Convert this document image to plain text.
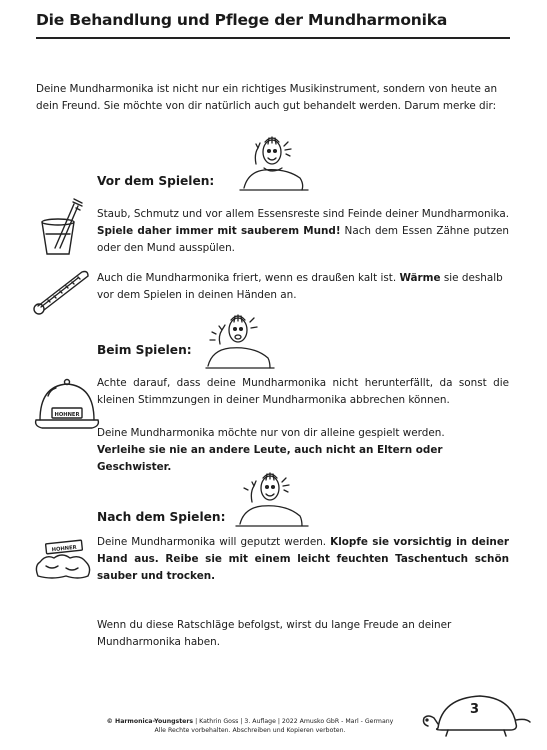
Die Behandlung und Pflege der Mundharmonika
Deine Mundharmonika ist nicht nur ein richtiges Musikinstrument, sondern von heute an dein Freund. Sie möchte von dir natürlich auch gut behandelt werden. Darum merke dir:
Vor dem Spielen:
Staub, Schmutz und vor allem Essensreste sind Feinde deiner Mundharmonika. Spiele daher immer mit sauberem Mund! Nach dem Essen Zähne putzen oder den Mund ausspülen.
Auch die Mundharmonika friert, wenn es draußen kalt ist. Wärme sie deshalb vor dem Spielen in deinen Händen an.
Beim Spielen:
HOHNER
Achte darauf, dass deine Mundharmonika nicht herunterfällt, da sonst die kleinen Stimmzungen in deiner Mundharmonika abbrechen können.
Deine Mundharmonika möchte nur von dir alleine gespielt werden.
Verleihe sie nie an andere Leute, auch nicht an Eltern oder Geschwister.
Nach dem Spielen:
HOHNER
Deine Mundharmonika will geputzt werden. Klopfe sie vorsichtig in deiner Hand aus. Reibe sie mit einem leicht feuchten Taschentuch schön sauber und trocken.
Wenn du diese Ratschläge befolgst, wirst du lange Freude an deiner Mundharmonika haben.
© Harmonica-Youngsters | Kathrin Goss | 3. Auflage | 2022 Amusko GbR - Marl - Germany
Alle Rechte vorbehalten. Abschreiben und Kopieren verboten.
3
